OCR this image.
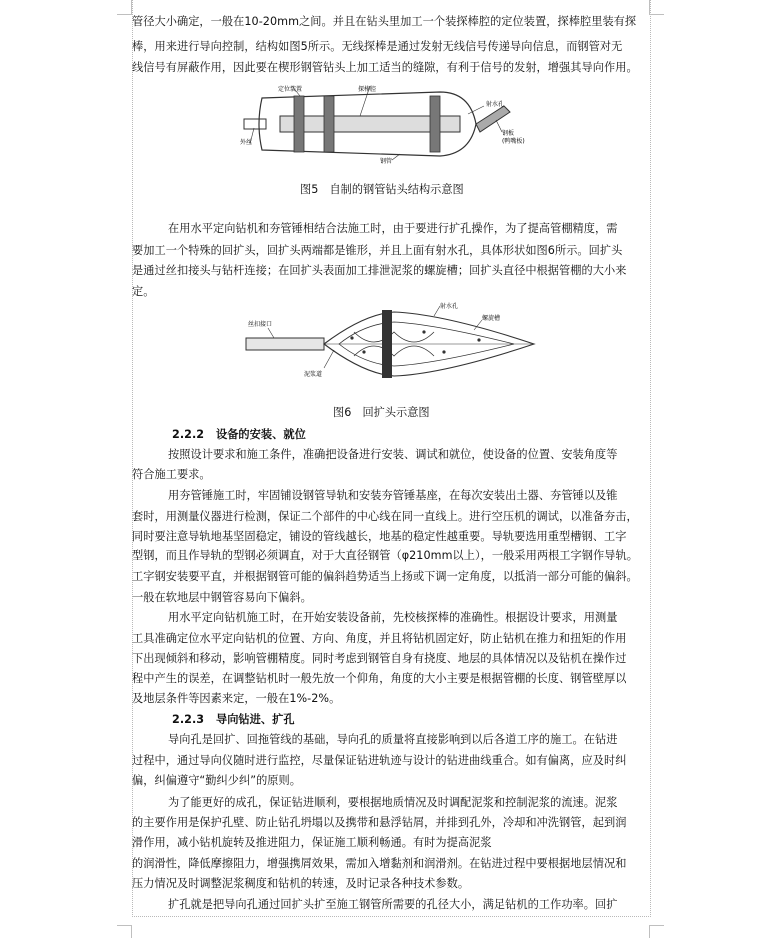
管径大小确定，一般在10-20mm之间。并且在钻头里加工一个装探棒腔的定位装置，探棒腔里装有探
棒，用来进行导向控制，结构如图5所示。无线探棒是通过发射无线信号传递导向信息，而钢管对无
线信号有屏蔽作用，因此要在楔形钢管钻头上加工适当的缝隙，有利于信号的发射，增强其导向作用。
定位装置	探棒腔
外丝
射水孔
钢板
(鸭嘴板)
钢管
图5　自制的钢管钻头结构示意图
在用水平定向钻机和夯管锤相结合法施工时，由于要进行扩孔操作，为了提高管棚精度，需
要加工一个特殊的回扩头，回扩头两端都是锥形，并且上面有射水孔，具体形状如图6所示。回扩头
是通过丝扣接头与钻杆连接；在回扩头表面加工排泄泥浆的螺旋槽；回扩头直径中根据管棚的大小来
定。
射水孔
螺旋槽
丝扣接口
泥浆道
图6　回扩头示意图
2.2.2 设备的安装、就位
按照设计要求和施工条件，准确把设备进行安装、调试和就位，使设备的位置、安装角度等
符合施工要求。
用夯管锤施工时，牢固铺设钢管导轨和安装夯管锤基座，在每次安装出土器、夯管锤以及锥
套时，用测量仪器进行检测，保证二个部件的中心线在同一直线上。进行空压机的调试，以准备夯击，
同时要注意导轨地基坚固稳定，铺设的管线越长，地基的稳定性越重要。导轨要选用重型槽钢、工字
型钢，而且作导轨的型钢必须调直，对于大直径钢管（φ210mm以上），一般采用两根工字钢作导轨。
工字钢安装要平直，并根据钢管可能的偏斜趋势适当上扬或下调一定角度，以抵消一部分可能的偏斜。
一般在软地层中钢管容易向下偏斜。
用水平定向钻机施工时，在开始安装设备前，先校核探棒的准确性。根据设计要求，用测量
工具准确定位水平定向钻机的位置、方向、角度，并且将钻机固定好，防止钻机在推力和扭矩的作用
下出现倾斜和移动，影响管棚精度。同时考虑到钢管自身有挠度、地层的具体情况以及钻机在操作过
程中产生的误差，在调整钻机时一般先放一个仰角，角度的大小主要是根据管棚的长度、钢管壁厚以
及地层条件等因素来定，一般在1%-2%。
2.2.3 导向钻进、扩孔
导向孔是回扩、回拖管线的基础，导向孔的质量将直接影响到以后各道工序的施工。在钻进
过程中，通过导向仪随时进行监控，尽量保证钻进轨迹与设计的钻进曲线重合。如有偏离，应及时纠
偏，纠偏遵守“勤纠少纠”的原则。
为了能更好的成孔，保证钻进顺利，要根据地质情况及时调配泥浆和控制泥浆的流速。泥浆
的主要作用是保护孔壁、防止钻孔坍塌以及携带和悬浮钻屑，并排到孔外，冷却和冲洗钢管，起到润
滑作用，减小钻机旋转及推进阻力，保证施工顺利畅通。有时为提高泥浆
的润滑性，降低摩擦阻力，增强携屑效果，需加入增黏剂和润滑剂。在钻进过程中要根据地层情况和
压力情况及时调整泥浆稠度和钻机的转速，及时记录各种技术参数。
扩孔就是把导向孔通过回扩头扩至施工钢管所需要的孔径大小，满足钻机的工作功率。回扩
